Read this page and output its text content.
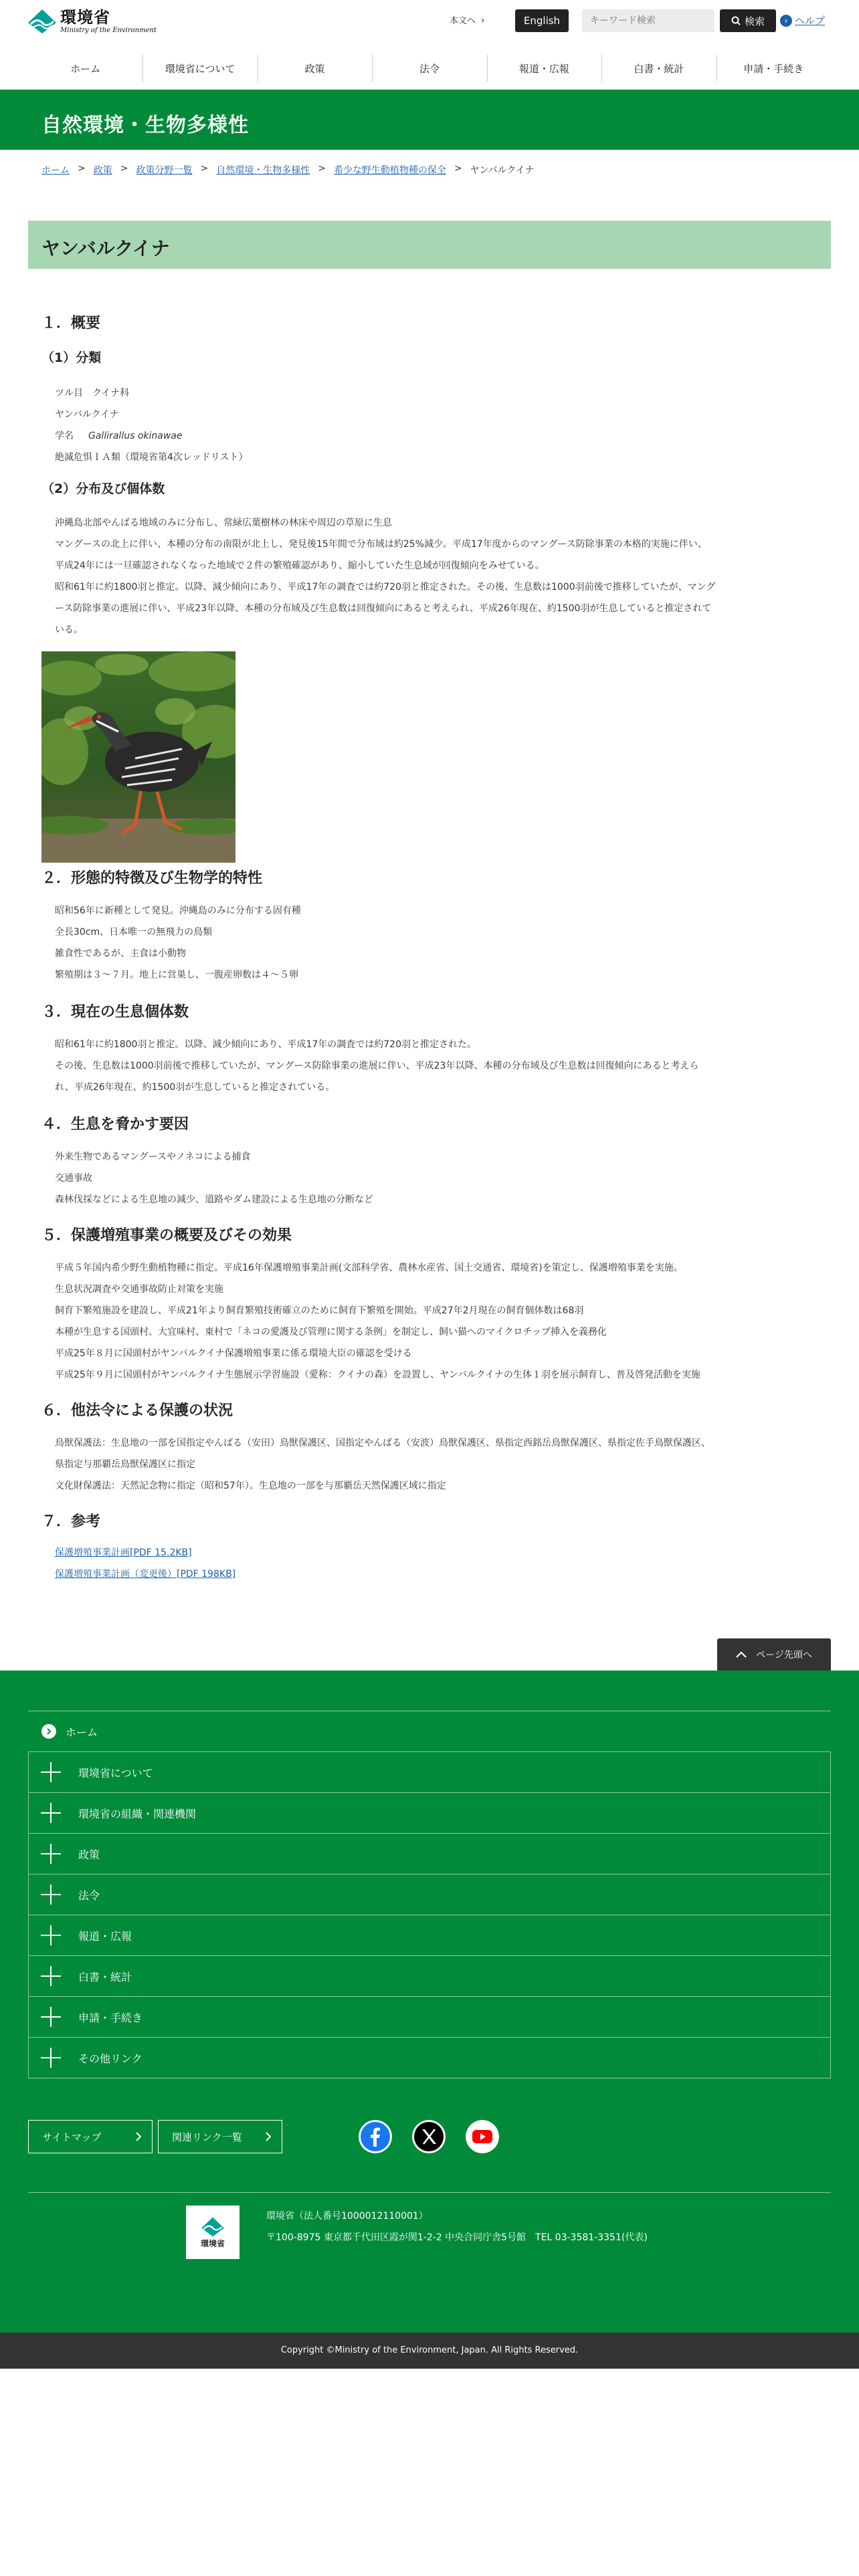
環境省
Ministry of the Environment
本文へ ›	English
キーワード検索	検索	› ヘルプ
ホーム	環境省について	政策	法令	報道・広報	白書・統計	申請・手続き
自然環境・生物多様性
ホーム > 政策 > 政策分野一覧 > 自然環境・生物多様性 > 希少な野生動植物種の保全 > ヤンバルクイナ
ヤンバルクイナ
１．概要
（1）分類
ツル目　クイナ科
ヤンバルクイナ
学名 Gallirallus okinawae
絶滅危惧ＩＡ類（環境省第4次レッドリスト）
（2）分布及び個体数
沖縄島北部やんばる地域のみに分布し、常緑広葉樹林の林床や周辺の草原に生息
マングースの北上に伴い、本種の分布の南限が北上し、発見後15年間で分布域は約25%減少。平成17年度からのマングース防除事業の本格的実施に伴い、
平成24年には一旦確認されなくなった地域で２件の繁殖確認があり、縮小していた生息域が回復傾向をみせている。
昭和61年に約1800羽と推定。以降、減少傾向にあり、平成17年の調査では約720羽と推定された。その後、生息数は1000羽前後で推移していたが、マング
ース防除事業の進展に伴い、平成23年以降、本種の分布域及び生息数は回復傾向にあると考えられ、平成26年現在、約1500羽が生息していると推定されて
いる。
２．形態的特徴及び生物学的特性
昭和56年に新種として発見。沖縄島のみに分布する固有種
全長30cm、日本唯一の無飛力の鳥類
雑食性であるが、主食は小動物
繁殖期は３～７月。地上に営巣し、一腹産卵数は４～５卵
３．現在の生息個体数
昭和61年に約1800羽と推定。以降、減少傾向にあり、平成17年の調査では約720羽と推定された。
その後、生息数は1000羽前後で推移していたが、マングース防除事業の進展に伴い、平成23年以降、本種の分布域及び生息数は回復傾向にあると考えら
れ、平成26年現在、約1500羽が生息していると推定されている。
４．生息を脅かす要因
外来生物であるマングースやノネコによる捕食
交通事故
森林伐採などによる生息地の減少、道路やダム建設による生息地の分断など
５．保護増殖事業の概要及びその効果
平成５年国内希少野生動植物種に指定。平成16年保護増殖事業計画(文部科学省、農林水産省、国土交通省、環境省)を策定し、保護増殖事業を実施。
生息状況調査や交通事故防止対策を実施
飼育下繁殖施設を建設し、平成21年より飼育繁殖技術確立のために飼育下繁殖を開始。平成27年2月現在の飼育個体数は68羽
本種が生息する国頭村、大宜味村、東村で「ネコの愛護及び管理に関する条例」を制定し、飼い猫へのマイクロチップ挿入を義務化
平成25年８月に国頭村がヤンバルクイナ保護増殖事業に係る環境大臣の確認を受ける
平成25年９月に国頭村がヤンバルクイナ生態展示学習施設（愛称：クイナの森）を設置し、ヤンバルクイナの生体１羽を展示飼育し、普及啓発活動を実施
６．他法令による保護の状況
鳥獣保護法：生息地の一部を国指定やんばる（安田）鳥獣保護区、国指定やんばる（安波）鳥獣保護区、県指定西銘岳鳥獣保護区、県指定佐手鳥獣保護区、
県指定与那覇岳鳥獣保護区に指定
文化財保護法：天然記念物に指定（昭和57年）。生息地の一部を与那覇岳天然保護区域に指定
７．参考
保護増殖事業計画[PDF 15.2KB]
保護増殖事業計画（変更後）[PDF 198KB]
ページ先頭へ
ホーム
環境省について
環境省の組織・関連機関
政策
法令
報道・広報
白書・統計
申請・手続き
その他リンク
サイトマップ	関連リンク一覧
環境省
環境省（法人番号1000012110001）
〒100-8975 東京都千代田区霞が関1-2-2 中央合同庁舎5号館　TEL 03-3581-3351(代表)
Copyright ©Ministry of the Environment, Japan. All Rights Reserved.
